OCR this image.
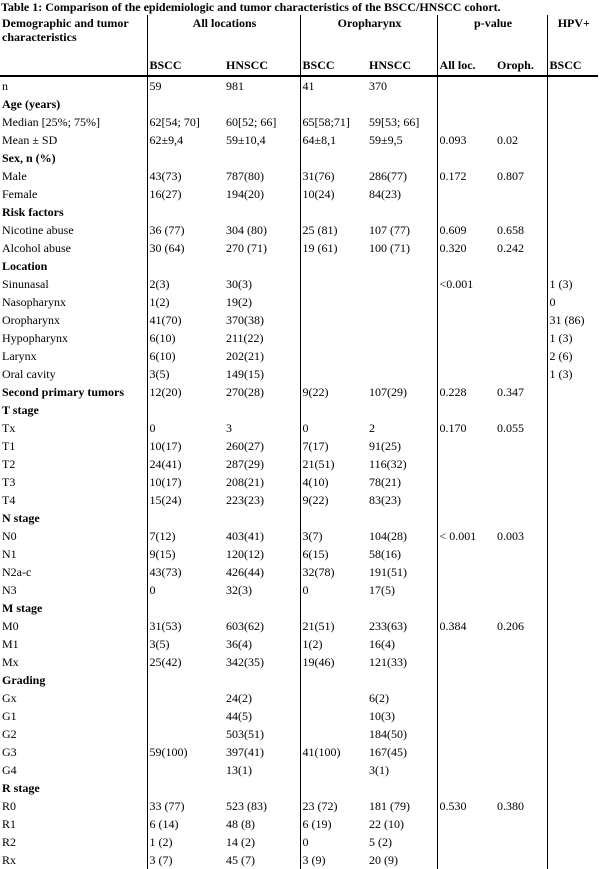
Table 1: Comparison of the epidemiologic and tumor characteristics of the BSCC/HNSCC cohort.
Demographic and tumor characteristics	All locations		Oropharynx		p-value		HPV+
	BSCC	HNSCC	BSCC	HNSCC	All loc.	Oroph.	BSCC
n	59	981	41	370			
Age (years)							
Median [25%; 75%]	62[54; 70]	60[52; 66]	65[58;71]	59[53; 66]			
Mean ± SD	62±9,4	59±10,4	64±8,1	59±9,5	0.093	0.02	
Sex, n (%)							
Male	43(73)	787(80)	31(76)	286(77)	0.172	0.807	
Female	16(27)	194(20)	10(24)	84(23)			
Risk factors							
Nicotine abuse	36 (77)	304 (80)	25 (81)	107 (77)	0.609	0.658	
Alcohol abuse	30 (64)	270 (71)	19 (61)	100 (71)	0.320	0.242	
Location							
Sinunasal	2(3)	30(3)			<0.001		1 (3)
Nasopharynx	1(2)	19(2)					0
Oropharynx	41(70)	370(38)					31 (86)
Hypopharynx	6(10)	211(22)					1 (3)
Larynx	6(10)	202(21)					2 (6)
Oral cavity	3(5)	149(15)					1 (3)
Second primary tumors	12(20)	270(28)	9(22)	107(29)	0.228	0.347	
T stage							
Tx	0	3	0	2	0.170	0.055	
T1	10(17)	260(27)	7(17)	91(25)			
T2	24(41)	287(29)	21(51)	116(32)			
T3	10(17)	208(21)	4(10)	78(21)			
T4	15(24)	223(23)	9(22)	83(23)			
N stage							
N0	7(12)	403(41)	3(7)	104(28)	< 0.001	0.003	
N1	9(15)	120(12)	6(15)	58(16)			
N2a-c	43(73)	426(44)	32(78)	191(51)			
N3	0	32(3)	0	17(5)			
M stage							
M0	31(53)	603(62)	21(51)	233(63)	0.384	0.206	
M1	3(5)	36(4)	1(2)	16(4)			
Mx	25(42)	342(35)	19(46)	121(33)			
Grading							
Gx		24(2)		6(2)			
G1		44(5)		10(3)			
G2		503(51)		184(50)			
G3	59(100)	397(41)	41(100)	167(45)			
G4		13(1)		3(1)			
R stage							
R0	33 (77)	523 (83)	23 (72)	181 (79)	0.530	0.380	
R1	6 (14)	48 (8)	6 (19)	22 (10)			
R2	1 (2)	14 (2)	0	5 (2)			
Rx	3 (7)	45 (7)	3 (9)	20 (9)			
